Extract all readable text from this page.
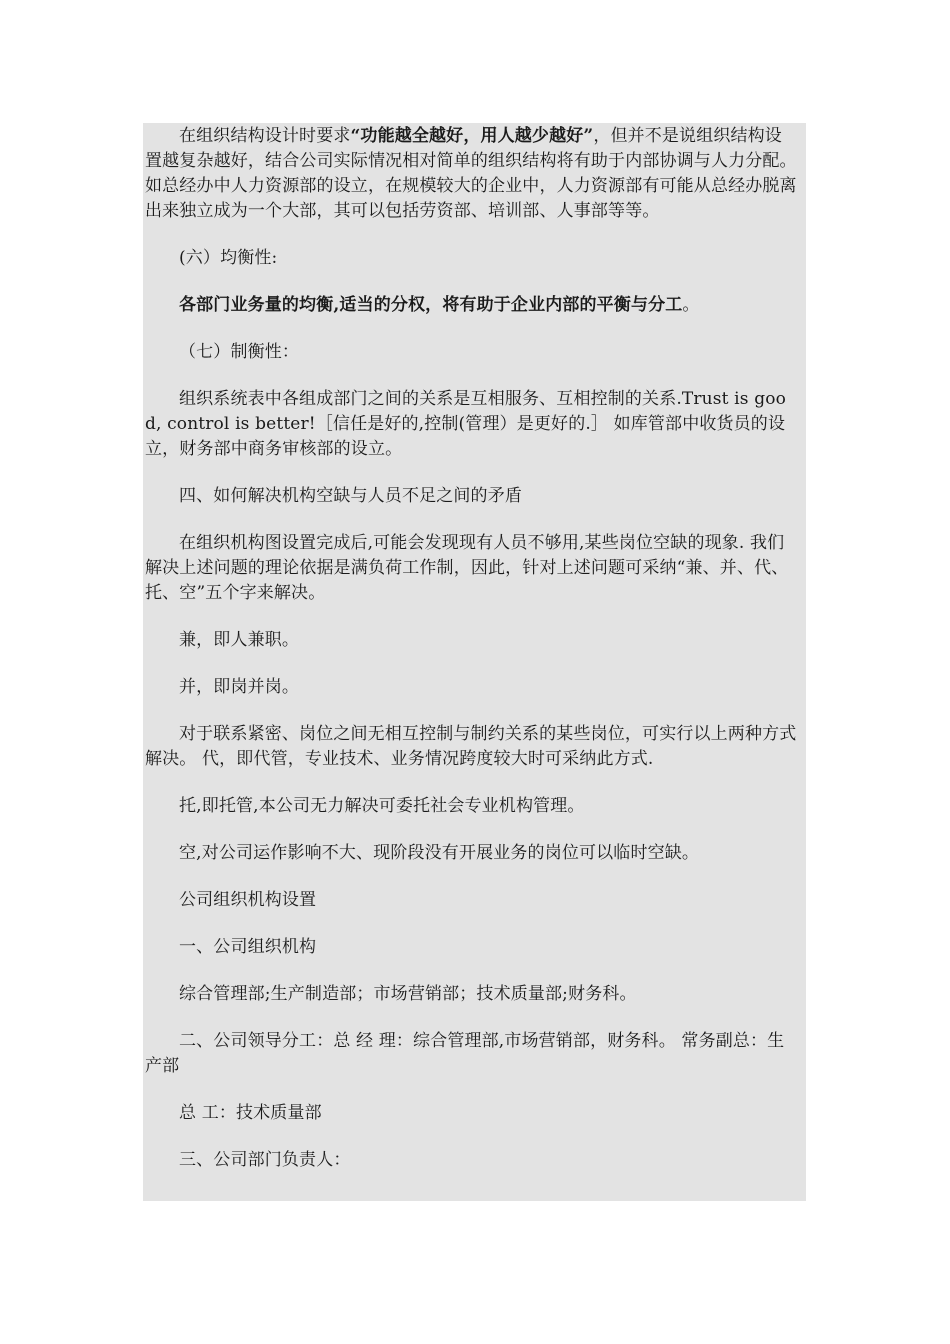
在组织结构设计时要求“功能越全越好，用人越少越好”，但并不是说组织结构设置越复杂越好，结合公司实际情况相对简单的组织结构将有助于内部协调与人力分配。如总经办中人力资源部的设立，在规模较大的企业中，人力资源部有可能从总经办脱离出来独立成为一个大部，其可以包括劳资部、培训部、人事部等等。

(六）均衡性:

各部门业务量的均衡,适当的分权，将有助于企业内部的平衡与分工。

（七）制衡性：

组织系统表中各组成部门之间的关系是互相服务、互相控制的关系.Trust is good, control is better!［信任是好的,控制(管理）是更好的.］ 如库管部中收货员的设立，财务部中商务审核部的设立。

四、如何解决机构空缺与人员不足之间的矛盾

在组织机构图设置完成后,可能会发现现有人员不够用,某些岗位空缺的现象. 我们解决上述问题的理论依据是满负荷工作制，因此，针对上述问题可采纳“兼、并、代、托、空”五个字来解决。

兼，即人兼职。

并，即岗并岗。

对于联系紧密、岗位之间无相互控制与制约关系的某些岗位，可实行以上两种方式解决。 代，即代管，专业技术、业务情况跨度较大时可采纳此方式.

托,即托管,本公司无力解决可委托社会专业机构管理。

空,对公司运作影响不大、现阶段没有开展业务的岗位可以临时空缺。

公司组织机构设置

一、公司组织机构

综合管理部;生产制造部；市场营销部；技术质量部;财务科。

二、公司领导分工：总 经 理：综合管理部,市场营销部，财务科。 常务副总：生产部

总 工：技术质量部

三、公司部门负责人：
